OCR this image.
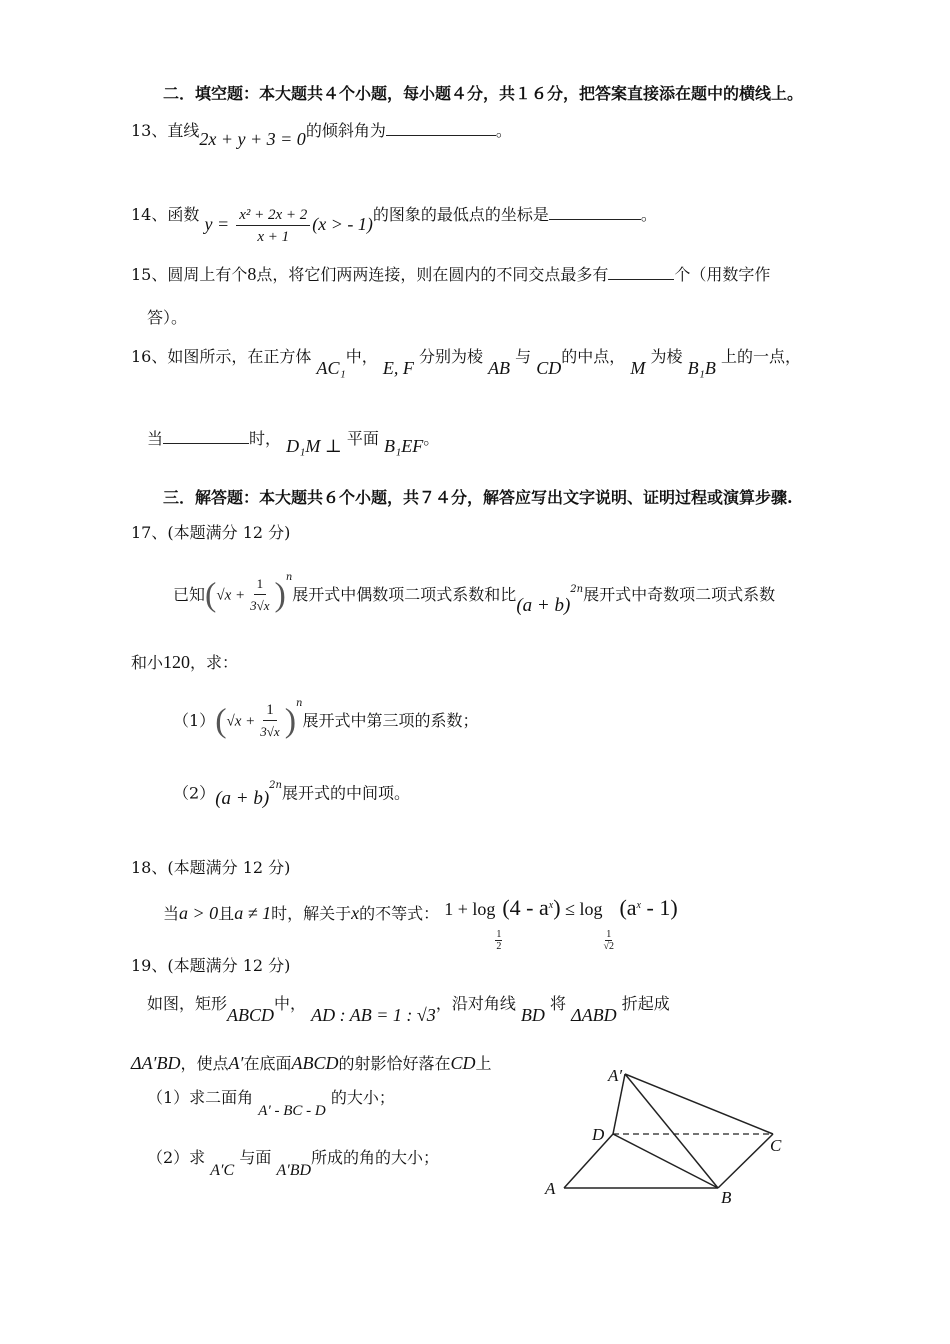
二．填空题：本大题共４个小题，每小题４分，共１６分，把答案直接添在题中的横线上。
13、直线2x + y + 3 = 0的倾斜角为	。
14、函数 $y = \frac{\text{x² + 2x + 2}}{x + 1} (x$ > - 1)的图象的最低点的坐标是	。
15、圆周上有个8点，将它们两两连接，则在圆内的不同交点最多有	个（用数字作
答）。
16、如图所示，在正方体 AC₁中， E, F 分别为棱 AB 与 CD的中点， M 为棱 B₁B 上的一点，
当	时， D₁M ⊥ 平面 B₁EF。
三．解答题：本大题共６个小题，共７４分，解答应写出文字说明、证明过程或演算步骤.
17、(本题满分 12 分)
已知$(√x + \frac{1}{3√x} )^n$展开式中偶数项二项式系数和比$(a + b)^{2n}$展开式中奇数项二项式系数
和小120，求：
$(1)(√x + \frac{1}{3√x} )^n$展开式中第三项的系数；
$(2)(a + b)^{2n}$展开式的中间项。
18、(本题满分 12 分)
当a > 0且a ≠ 1时，解关于x的不等式： 1 + log
$\frac{1}{2}$
$(4 - a^x) \le \log$
$\frac{1}{√2}$
$(a^x - 1)$
19、(本题满分 12 分)
如图，矩形ABCD中， AD : AB = 1 : √3，沿对角线 BD 将 ΔABD 折起成
ΔA′BD，使点A′在底面ABCD的射影恰好落在CD上
（1）求二面角 A′ - BC - D 的大小；
（2）求 A′C 与面 A′BD所成的角的大小；
A′
D
C
A	B
